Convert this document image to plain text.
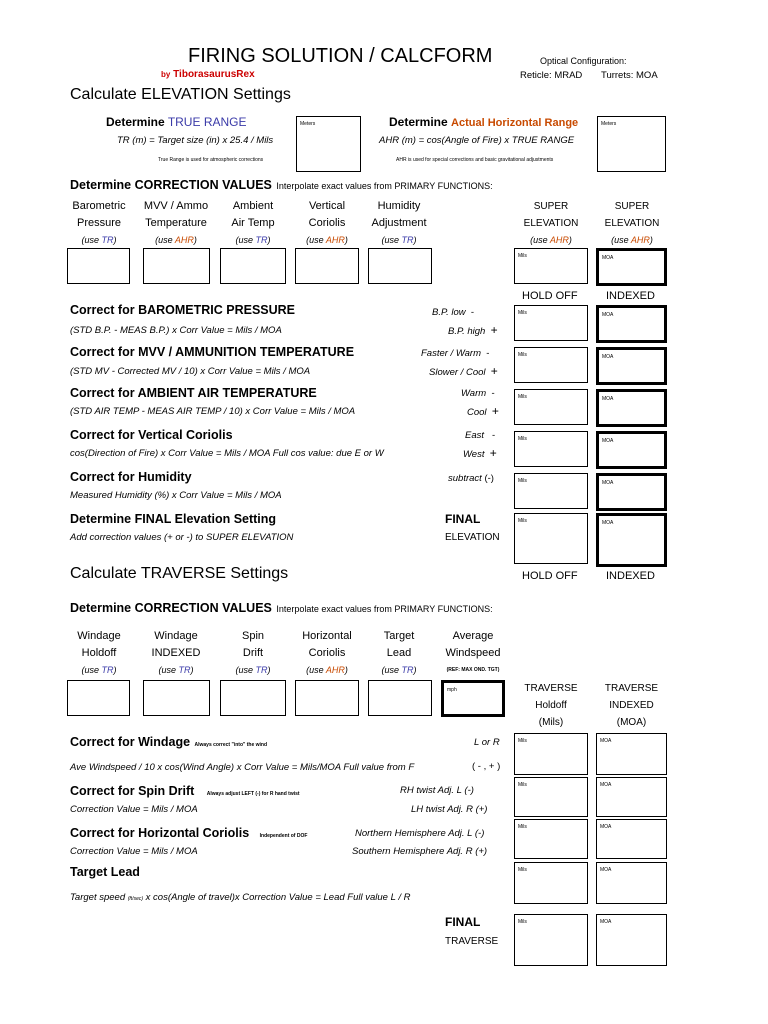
FIRING SOLUTION / CALCFORM
by TiborasaurusRex
Optical Configuration:
Reticle: MRAD Turrets: MOA
Calculate ELEVATION Settings
Determine TRUE RANGE
TR (m) = Target size (in) x 25.4 / Mils
True Range is used for atmospheric corrections
Meters	Determine Actual Horizontal Range
AHR (m) = cos(Angle of Fire) x TRUE RANGE
AHR is used for special corrections and basic gravitational adjustments
Meters
Determine CORRECTION VALUES Interpolate exact values from PRIMARY FUNCTIONS:
Barometric
Pressure
(use TR)
MVV / Ammo
Temperature
(use AHR)
Ambient
Air Temp
(use TR)
Vertical
Coriolis
(use AHR)
Humidity
Adjustment
(use TR)
SUPER
ELEVATION
(use AHR)
SUPER
ELEVATION
(use AHR)
Mils	MOA
HOLD OFF	INDEXED
Correct for BAROMETRIC PRESSURE
(STD B.P. - MEAS B.P.) x Corr Value = Mils / MOA
B.P. low -
B.P. high +
Mils	MOA
Correct for MVV / AMMUNITION TEMPERATURE
(STD MV - Corrected MV / 10) x Corr Value = Mils / MOA
Faster / Warm -
Slower / Cool +
Mils	MOA
Correct for AMBIENT AIR TEMPERATURE
(STD AIR TEMP - MEAS AIR TEMP / 10) x Corr Value = Mils / MOA
Warm -
Cool +
Mils	MOA
Correct for Vertical Coriolis
cos(Direction of Fire) x Corr Value = Mils / MOA Full cos value: due E or W
East -
West +
Mils	MOA
Correct for Humidity
Measured Humidity (%) x Corr Value = Mils / MOA
subtract (-)	Mils	MOA
Determine FINAL Elevation Setting
Add correction values (+ or -) to SUPER ELEVATION
FINAL
ELEVATION
Mils	MOA
HOLD OFF	INDEXED
Calculate TRAVERSE Settings
Determine CORRECTION VALUES Interpolate exact values from PRIMARY FUNCTIONS:
Windage
Holdoff
(use TR)
Windage
INDEXED
(use TR)
Spin
Drift
(use TR)
Horizontal
Coriolis
(use AHR)
Target
Lead
(use TR)
Average
Windspeed
(REF: MAX OND. TGT)
mph	TRAVERSE
Holdoff
(Mils)
TRAVERSE
INDEXED
(MOA)
Correct for Windage Always correct "into" the wind
Ave Windspeed / 10 x cos(Wind Angle) x Corr Value = Mils/MOA Full value from F
L or R
( - , + )
Mils	MOA
Correct for Spin Drift Always adjust LEFT (-) for R hand twist
Correction Value = Mils / MOA
RH twist Adj. L (-)
LH twist Adj. R (+)
Mils	MOA
Correct for Horizontal Coriolis Independent of DOF
Correction Value = Mils / MOA
Northern Hemisphere Adj. L (-)
Southern Hemisphere Adj. R (+)
Mils	MOA
Target Lead
Target speed (ft/sec) x cos(Angle of travel)x Correction Value = Lead Full value L / R
Mils	MOA
FINAL
TRAVERSE
Mils	MOA
